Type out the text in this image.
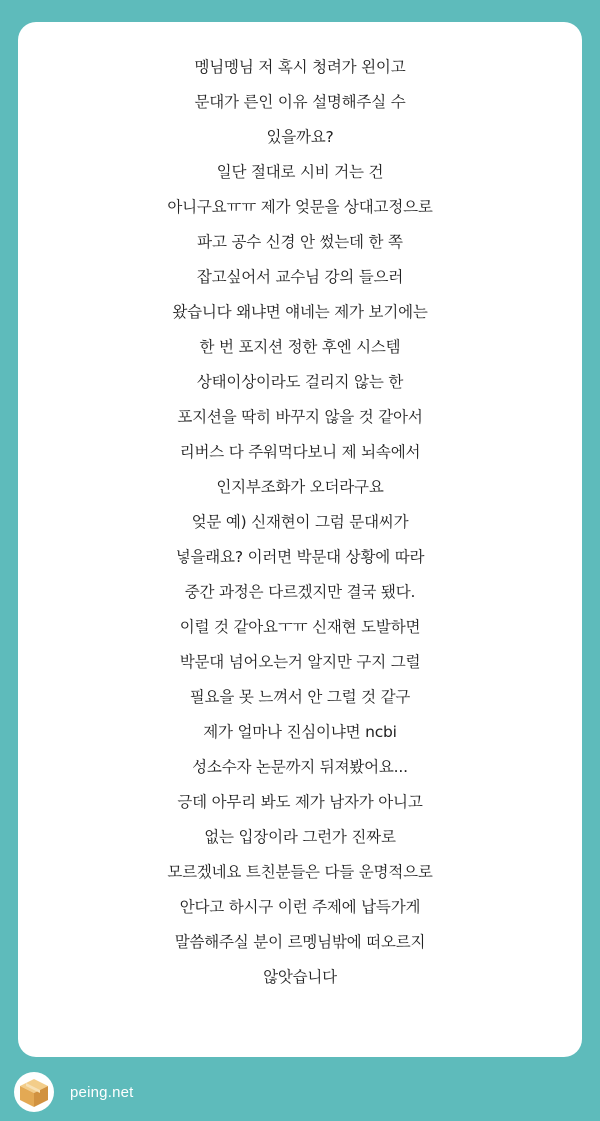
멩님멩님 저 혹시 청려가 왼이고
문대가 른인 이유 설명해주실 수
있을까요?
일단 절대로 시비 거는 건
아니구요ㅠㅠ 제가 엊문을 상대고정으로
파고 공수 신경 안 썼는데 한 쪽
잡고싶어서 교수님 강의 들으러
왔습니다 왜냐면 얘네는 제가 보기에는
한 번 포지션 정한 후엔 시스템
상태이상이라도 걸리지 않는 한
포지션을 딱히 바꾸지 않을 것 같아서
리버스 다 주워먹다보니 제 뇌속에서
인지부조화가 오더라구요
엊문 예) 신재현이 그럼 문대씨가
넣을래요? 이러면 박문대 상황에 따라
중간 과정은 다르겠지만 결국 됐다.
이럴 것 같아요ㅜㅠ 신재현 도발하면
박문대 넘어오는거 알지만 구지 그럴
필요을 못 느껴서 안 그럴 것 같구
제가 얼마나 진심이냐면 ncbi
성소수자 논문까지 뒤져봤어요...
긍데 아무리 봐도 제가 남자가 아니고
없는 입장이라 그런가 진짜로
모르겠네요 트친분들은 다들 운명적으로
안다고 하시구 이런 주제에 납득가게
말씀해주실 분이 르멩님밖에 떠오르지
않앗습니다
peing.net
